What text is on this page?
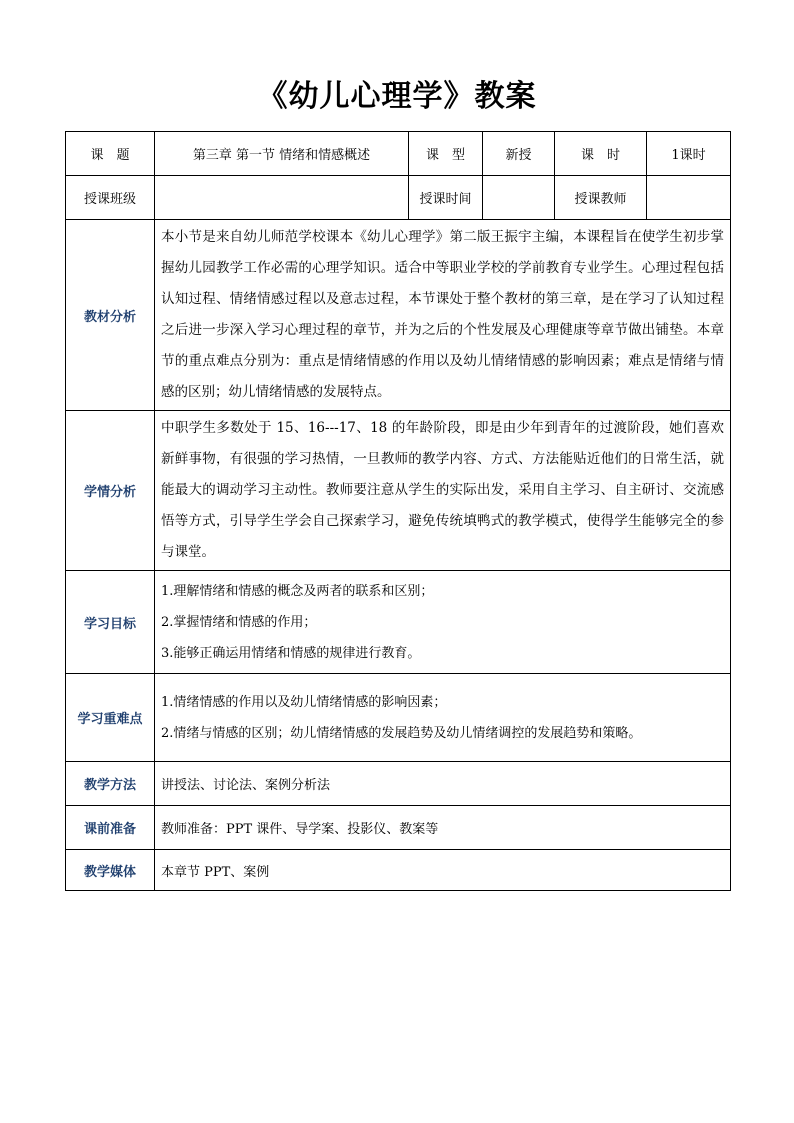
《幼儿心理学》教案
课　题	第三章 第一节 情绪和情感概述	课　型	新授	课　时	1课时
授课班级		授课时间		授课教师	
教材分析	本小节是来自幼儿师范学校课本《幼儿心理学》第二版王振宇主编，本课程旨在使学生初步掌握幼儿园教学工作必需的心理学知识。适合中等职业学校的学前教育专业学生。心理过程包括认知过程、情绪情感过程以及意志过程，本节课处于整个教材的第三章，是在学习了认知过程之后进一步深入学习心理过程的章节，并为之后的个性发展及心理健康等章节做出铺垫。本章节的重点难点分别为：重点是情绪情感的作用以及幼儿情绪情感的影响因素；难点是情绪与情感的区别；幼儿情绪情感的发展特点。				
学情分析	中职学生多数处于 15、16---17、18 的年龄阶段，即是由少年到青年的过渡阶段，她们喜欢新鲜事物，有很强的学习热情，一旦教师的教学内容、方式、方法能贴近他们的日常生活，就能最大的调动学习主动性。教师要注意从学生的实际出发，采用自主学习、自主研讨、交流感悟等方式，引导学生学会自己探索学习，避免传统填鸭式的教学模式，使得学生能够完全的参与课堂。				
学习目标	1.理解情绪和情感的概念及两者的联系和区别；
2.掌握情绪和情感的作用；
3.能够正确运用情绪和情感的规律进行教育。				

学习重难点	1.情绪情感的作用以及幼儿情绪情感的影响因素；
2.情绪与情感的区别；幼儿情绪情感的发展趋势及幼儿情绪调控的发展趋势和策略。				

教学方法	讲授法、讨论法、案例分析法				
课前准备	教师准备：PPT 课件、导学案、投影仪、教案等				
教学媒体	本章节 PPT、案例				
